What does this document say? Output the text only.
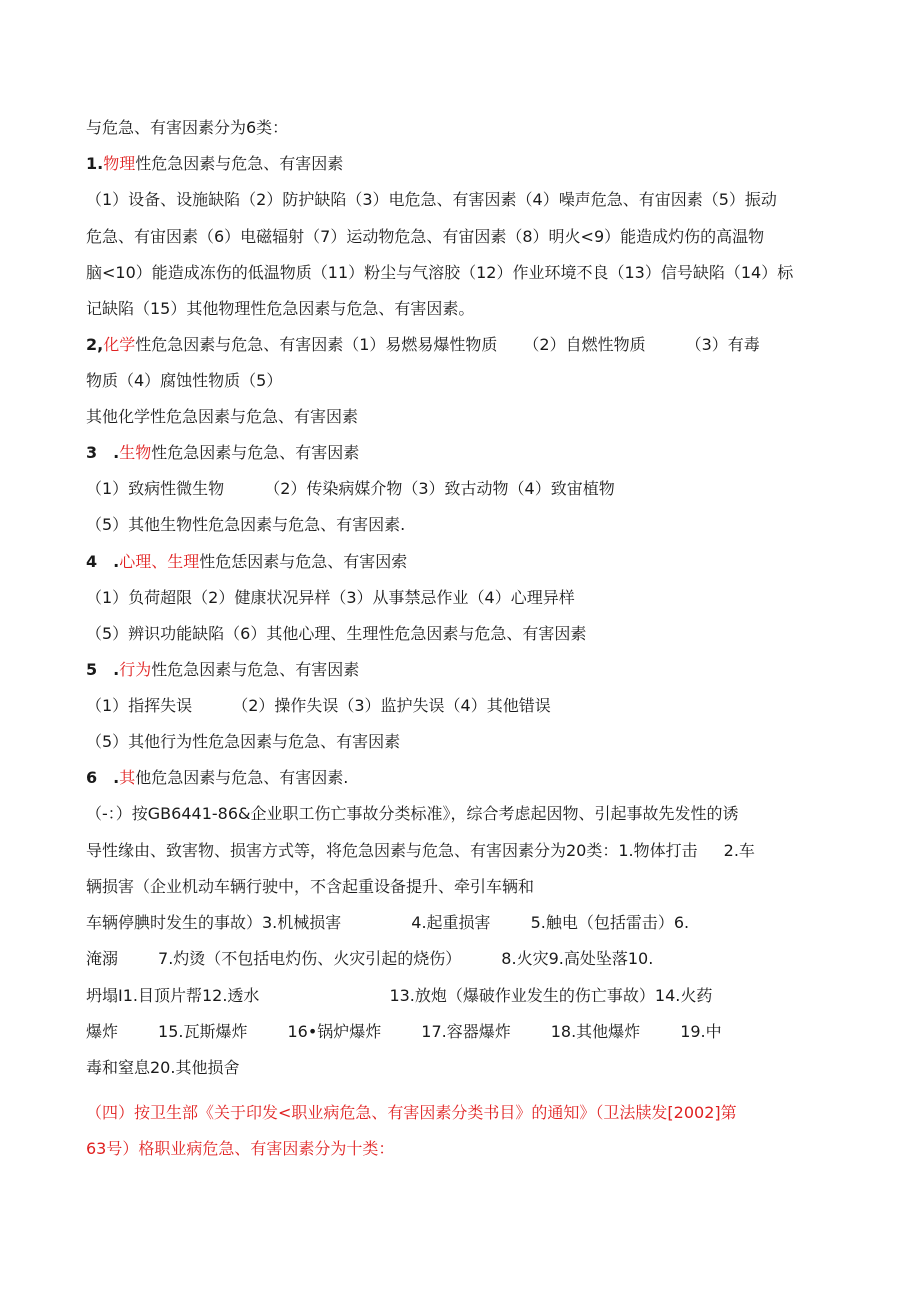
与危急、有害因素分为6类：
1.物理性危急因素与危急、有害因素
（1）设备、设施缺陷（2）防护缺陷（3）电危急、有害因素（4）噪声危急、有宙因素（5）振动
危急、有宙因素（6）电磁辐射（7）运动物危急、有宙因素（8）明火<9）能造成灼伤的高温物
脑<10）能造成冻伤的低温物质（11）粉尘与气溶胶（12）作业环境不良（13）信号缺陷（14）标
记缺陷（15）其他物理性危急因素与危急、有害因素。
2,化学性危急因素与危急、有害因素（1）易燃易爆性物质 （2）自燃性物质	（3）有毒
物质（4）腐蚀性物质（5）
其他化学性危急因素与危急、有害因素
3　.生物性危急因素与危急、有害因素
（1）致病性微生物	（2）传染病媒介物（3）致古动物（4）致宙植物
（5）其他生物性危急因素与危急、有害因素.
4　.心理、生理性危恁因素与危急、有害因索
（1）负荷超限（2）健康状况异样（3）从事禁忌作业（4）心理异样
（5）辨识功能缺陷（6）其他心理、生理性危急因素与危急、有害因素
5　.行为性危急因素与危急、有害因素
（1）指挥失误	（2）操作失误（3）监护失误（4）其他错误
（5）其他行为性危急因素与危急、有害因素
6　.其他危急因素与危急、有害因素.
（-：）按GB6441-86&企业职工伤亡事故分类标准》，综合考虑起因物、引起事故先发性的诱
导性缘由、致害物、损害方式等，将危急因素与危急、有害因素分为20类：1.物体打击 2.车
辆损害（企业机动车辆行驶中，不含起重设备提升、牵引车辆和
车辆停腆时发生的事故）3.机械损害	4.起重损害	5.触电（包括雷击）6.
淹溺	7.灼烫（不包括电灼伤、火灾引起的烧伤）	8.火灾9.高处坠落10.
坍塌I1.目顶片帮12.透水	13.放炮（爆破作业发生的伤亡事故）14.火药
爆炸	15.瓦斯爆炸	16•锅炉爆炸	17.容器爆炸	18.其他爆炸	19.中
毒和窒息20.其他损舍
（四）按卫生部《关于印发<职业病危急、有害因素分类书目》的通知》（卫法牍发[2002]第
63号）格职业病危急、有害因素分为十类：
